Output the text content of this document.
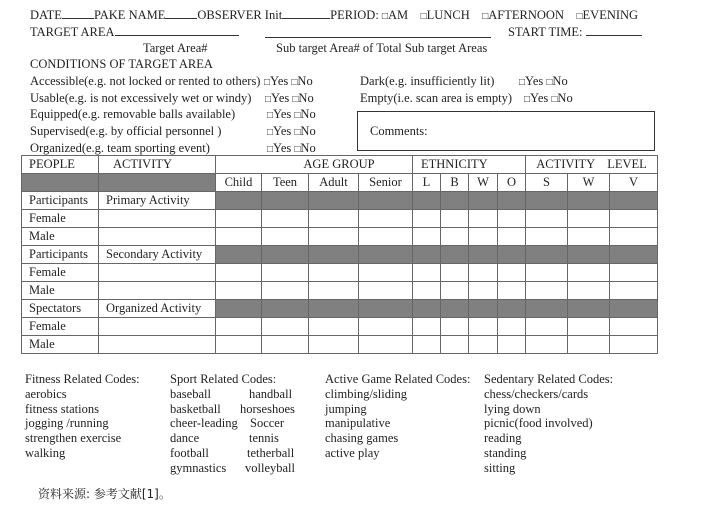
DATE	PAKE NAME	OBSERVER Init	PERIOD: □AM □LUNCH □AFTERNOON □EVENING
TARGET AREA	START TIME:
Target Area#	Sub target Area# of Total Sub target Areas
CONDITIONS OF TARGET AREA
Accessible(e.g. not locked or rented to others) □Yes □No
Usable(e.g. is not excessively wet or windy) □Yes □No
Equipped(e.g. removable balls available)	□Yes □No
Supervised(e.g. by official personnel )	□Yes □No
Organized(e.g. team sporting event)	□Yes □No
Dark(e.g. insufficiently lit) □Yes □No
Empty(i.e. scan area is empty) □Yes □No
Comments:
PEOPLE	ACTIVITY	AGE GROUP				ETHNICITY				ACTIVITY    LEVEL		
		Child	Teen	Adult	Senior	L	B	W	O	S	W	V
Participants	Primary Activity											
Female												
Male												
Participants	Secondary Activity											
Female												
Male												
Spectators	Organized Activity											
Female												
Male												
Fitness Related Codes:
aerobics
fitness stations
jogging /running
strengthen exercise
walking
Sport Related Codes:
baseball	handball
basketball horseshoes
cheer-leading Soccer
dance	tennis
football	tetherball
gymnastics volleyball
Active Game Related Codes:
climbing/sliding
jumping
manipulative
chasing games
active play
Sedentary Related Codes:
chess/checkers/cards
lying down
picnic(food involved)
reading
standing
sitting
资料来源: 参考文献[1]。
